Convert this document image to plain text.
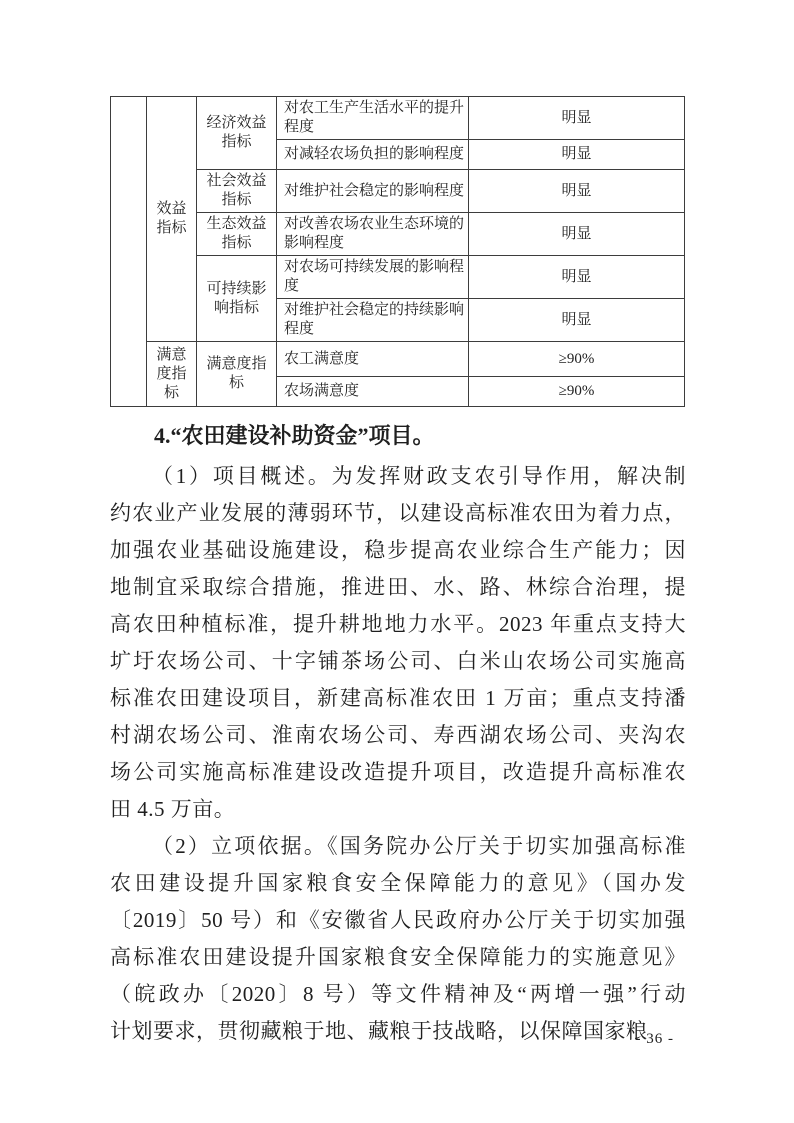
	效益指标	经济效益指标	对农工生产生活水平的提升程度	明显
			对减轻农场负担的影响程度	明显
		社会效益指标	对维护社会稳定的影响程度	明显
		生态效益指标	对改善农场农业生态环境的影响程度	明显
		可持续影响指标	对农场可持续发展的影响程度	明显
			对维护社会稳定的持续影响程度	明显
	满意度指标	满意度指标	农工满意度	≥90%
			农场满意度	≥90%
4.“农田建设补助资金”项目。
（1）项目概述。为发挥财政支农引导作用，解决制
约农业产业发展的薄弱环节，以建设高标准农田为着力点，
加强农业基础设施建设，稳步提高农业综合生产能力；因
地制宜采取综合措施，推进田、水、路、林综合治理，提
高农田种植标准，提升耕地地力水平。2023 年重点支持大
圹圩农场公司、十字铺茶场公司、白米山农场公司实施高
标准农田建设项目，新建高标准农田 1 万亩；重点支持潘
村湖农场公司、淮南农场公司、寿西湖农场公司、夹沟农
场公司实施高标准建设改造提升项目，改造提升高标准农
田 4.5 万亩。
（2）立项依据。《国务院办公厅关于切实加强高标准
农田建设提升国家粮食安全保障能力的意见》（国办发
〔2019〕50 号）和《安徽省人民政府办公厅关于切实加强
高标准农田建设提升国家粮食安全保障能力的实施意见》
（皖政办〔2020〕8 号）等文件精神及“两增一强”行动
计划要求，贯彻藏粮于地、藏粮于技战略，以保障国家粮
- 36 -
